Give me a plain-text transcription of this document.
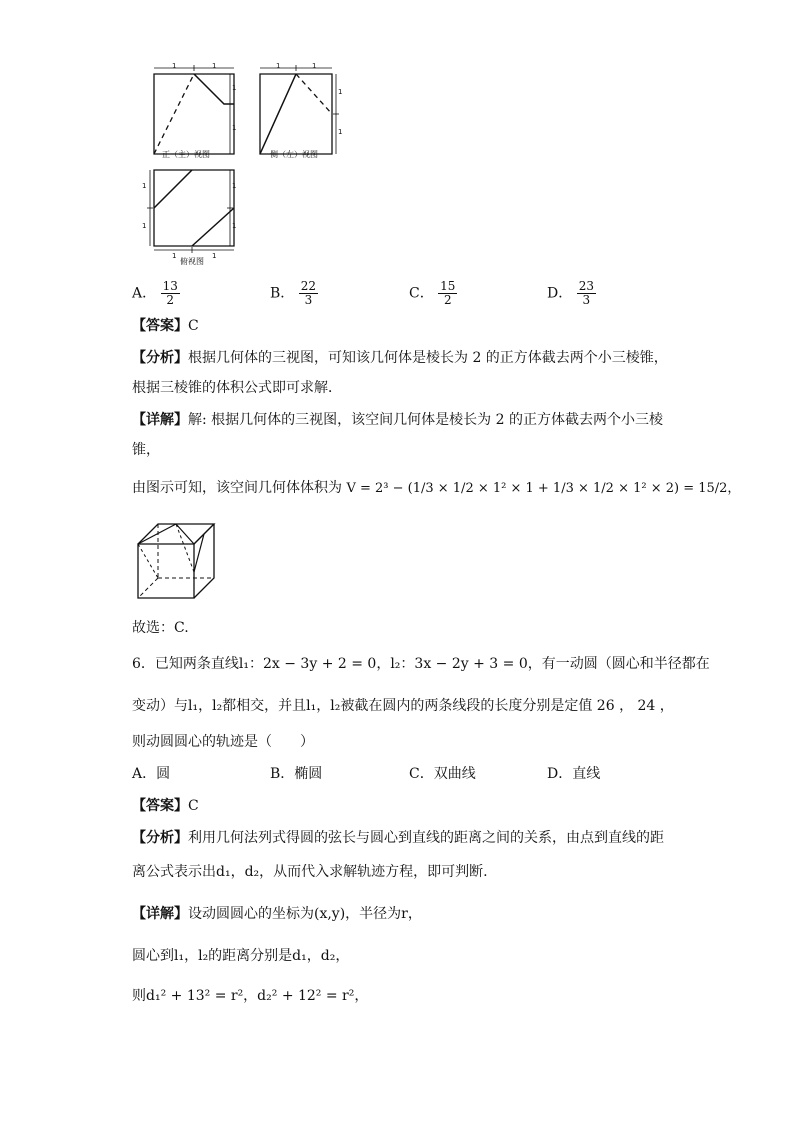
1	1
1
1
1	1
1
1
1
1
1
1
1	1
正（主）视图	侧（左）视图
俯视图
A． $\frac{13}{2}$	B． $\frac{22}{3}$	C． $\frac{15}{2}$	D． $\frac{23}{3}$
【答案】C
【分析】根据几何体的三视图，可知该几何体是棱长为 2 的正方体截去两个小三棱锥，
根据三棱锥的体积公式即可求解．
【详解】解: 根据几何体的三视图，该空间几何体是棱长为 2 的正方体截去两个小三棱
锥，
由图示可知，该空间几何体体积为 V = 2³ − (1/3 × 1/2 × 1² × 1 + 1/3 × 1/2 × 1² × 2) = 15/2，
故选：C.
6．已知两条直线l₁：2x − 3y + 2 = 0，l₂：3x − 2y + 3 = 0，有一动圆（圆心和半径都在
变动）与l₁，l₂都相交，并且l₁，l₂被截在圆内的两条线段的长度分别是定值 26 ， 24 ，
则动圆圆心的轨迹是（　　）
A．圆	B．椭圆	C．双曲线	D．直线
【答案】C
【分析】利用几何法列式得圆的弦长与圆心到直线的距离之间的关系，由点到直线的距
离公式表示出d₁，d₂，从而代入求解轨迹方程，即可判断.
【详解】设动圆圆心的坐标为(x,y)，半径为r，
圆心到l₁，l₂的距离分别是d₁，d₂，
则d₁² + 13² = r²，d₂² + 12² = r²，
